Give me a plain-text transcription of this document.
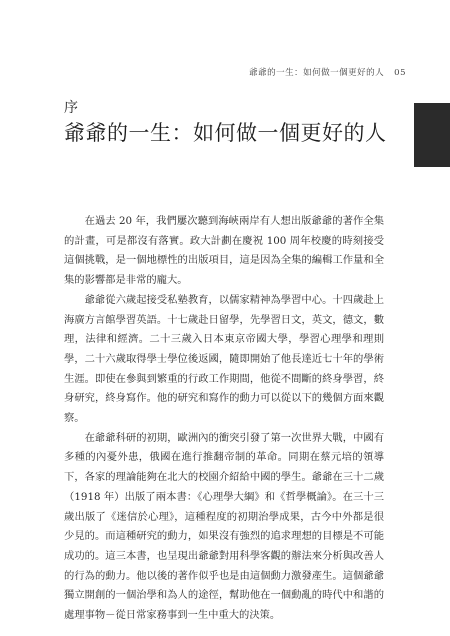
爺爺的一生：如何做一個更好的人 05
序
爺爺的一生：如何做一個更好的人

在過去 20 年，我們屢次聽到海峽兩岸有人想出版爺爺的著作全集的計畫，可是都沒有落實。政大計劃在慶祝 100 周年校慶的時刻接受這個挑戰，是一個地標性的出版項目，這是因為全集的編輯工作量和全集的影響都是非常的龐大。

爺爺從六歲起接受私塾教育，以儒家精神為學習中心。十四歲赴上海廣方言館學習英語。十七歲赴日留學，先學習日文，英文，德文，數理，法律和經濟。二十三歲入日本東京帝國大學，學習心理學和理則學，二十六歲取得學士學位後返國，隨即開始了他長達近七十年的學術生涯。即使在參與到繁重的行政工作期間，他從不間斷的終身學習，終身研究，終身寫作。他的研究和寫作的動力可以從以下的幾個方面來觀察。

在爺爺科研的初期，歐洲內的衝突引發了第一次世界大戰，中國有多種的內憂外患，俄國在進行推翻帝制的革命。同期在蔡元培的領導下，各家的理論能夠在北大的校園介紹給中國的學生。爺爺在三十二歲（1918 年）出版了兩本書：《心理學大綱》和《哲學概論》。在三十三歲出版了《迷信於心理》，這種程度的初期治學成果，古今中外都是很少見的。而這種研究的動力，如果沒有強烈的追求理想的目標是不可能成功的。這三本書，也呈現出爺爺對用科學客觀的辦法來分析與改善人的行為的動力。他以後的著作似乎也是由這個動力激發產生。這個爺爺獨立開創的一個治學和為人的途徑，幫助他在一個動亂的時代中和諧的處理事物－從日常家務事到一生中重大的決策。
